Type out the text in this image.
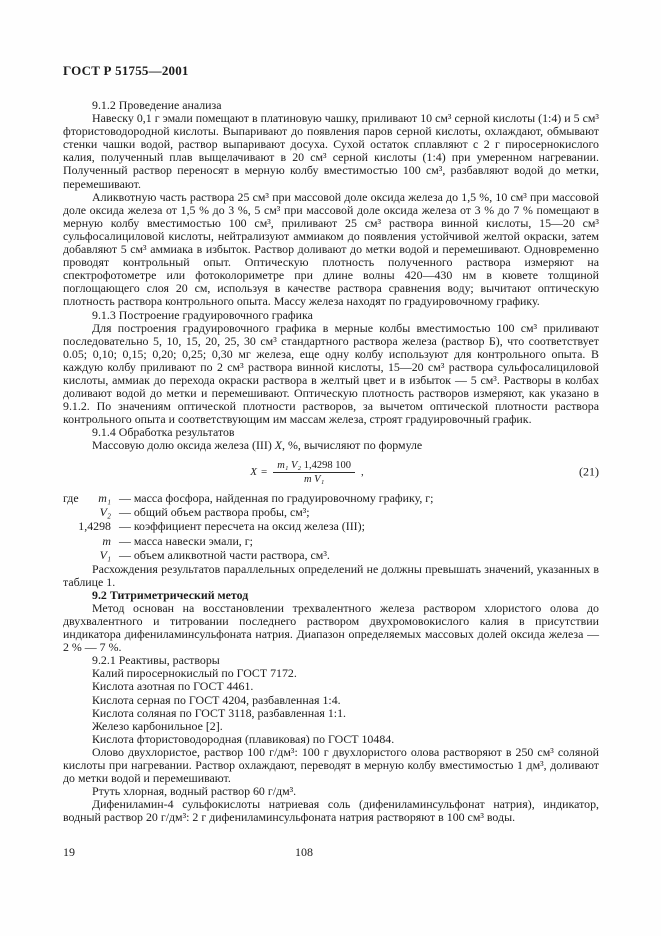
ГОСТ Р 51755—2001

9.1.2 Проведение анализа

Навеску 0,1 г эмали помещают в платиновую чашку, приливают 10 см³ серной кислоты (1:4) и 5 см³ фтористоводородной кислоты. Выпаривают до появления паров серной кислоты, охлаждают, обмывают стенки чашки водой, раствор выпаривают досуха. Сухой остаток сплавляют с 2 г пиросернокислого калия, полученный плав выщелачивают в 20 см³ серной кислоты (1:4) при умеренном нагревании. Полученный раствор переносят в мерную колбу вместимостью 100 см³, разбавляют водой до метки, перемешивают.

Аликвотную часть раствора 25 см³ при массовой доле оксида железа до 1,5 %, 10 см³ при массовой доле оксида железа от 1,5 % до 3 %, 5 см³ при массовой доле оксида железа от 3 % до 7 % помещают в мерную колбу вместимостью 100 см³, приливают 25 см³ раствора винной кислоты, 15—20 см³ сульфосалициловой кислоты, нейтрализуют аммиаком до появления устойчивой желтой окраски, затем добавляют 5 см³ аммиака в избыток. Раствор доливают до метки водой и перемешивают. Одновременно проводят контрольный опыт. Оптическую плотность полученного раствора измеряют на спектрофотометре или фотоколориметре при длине волны 420—430 нм в кювете толщиной поглощающего слоя 20 см, используя в качестве раствора сравнения воду; вычитают оптическую плотность раствора контрольного опыта. Массу железа находят по градуировочному графику.

9.1.3 Построение градуировочного графика

Для построения градуировочного графика в мерные колбы вместимостью 100 см³ приливают последовательно 5, 10, 15, 20, 25, 30 см³ стандартного раствора железа (раствор Б), что соответствует 0.05; 0,10; 0,15; 0,20; 0,25; 0,30 мг железа, еще одну колбу используют для контрольного опыта. В каждую колбу приливают по 2 см³ раствора винной кислоты, 15—20 см³ раствора сульфосалициловой кислоты, аммиак до перехода окраски раствора в желтый цвет и в избыток — 5 см³. Растворы в колбах доливают водой до метки и перемешивают. Оптическую плотность растворов измеряют, как указано в 9.1.2. По значениям оптической плотности растворов, за вычетом оптической плотности раствора контрольного опыта и соответствующим им массам железа, строят градуировочный график.

9.1.4 Обработка результатов

Массовую долю оксида железа (III) X, %, вычисляют по формуле

$X = \frac{\text{m₁ V₂ 1,4298 100}}{\text{m V₁}}$ ,	(21)

где m₁ — масса фосфора, найденная по градуировочному графику, г;

V₂ — общий объем раствора пробы, см³;

1,4298 — коэффициент пересчета на оксид железа (III);

m — масса навески эмали, г;

V₁ — объем аликвотной части раствора, см³.

Расхождения результатов параллельных определений не должны превышать значений, указанных в таблице 1.

9.2 Титриметрический метод

Метод основан на восстановлении трехвалентного железа раствором хлористого олова до двухвалентного и титровании последнего раствором двухромовокислого калия в присутствии индикатора дифениламинсульфоната натрия. Диапазон определяемых массовых долей оксида железа — 2 % — 7 %.

9.2.1 Реактивы, растворы

Калий пиросернокислый по ГОСТ 7172.

Кислота азотная по ГОСТ 4461.

Кислота серная по ГОСТ 4204, разбавленная 1:4.

Кислота соляная по ГОСТ 3118, разбавленная 1:1.

Железо карбонильное [2].

Кислота фтористоводородная (плавиковая) по ГОСТ 10484.

Олово двухлористое, раствор 100 г/дм³: 100 г двухлористого олова растворяют в 250 см³ соляной кислоты при нагревании. Раствор охлаждают, переводят в мерную колбу вместимостью 1 дм³, доливают до метки водой и перемешивают.

Ртуть хлорная, водный раствор 60 г/дм³.

Дифениламин-4 сульфокислоты натриевая соль (дифениламинсульфонат натрия), индикатор, водный раствор 20 г/дм³: 2 г дифениламинсульфоната натрия растворяют в 100 см³ воды.

19	108
